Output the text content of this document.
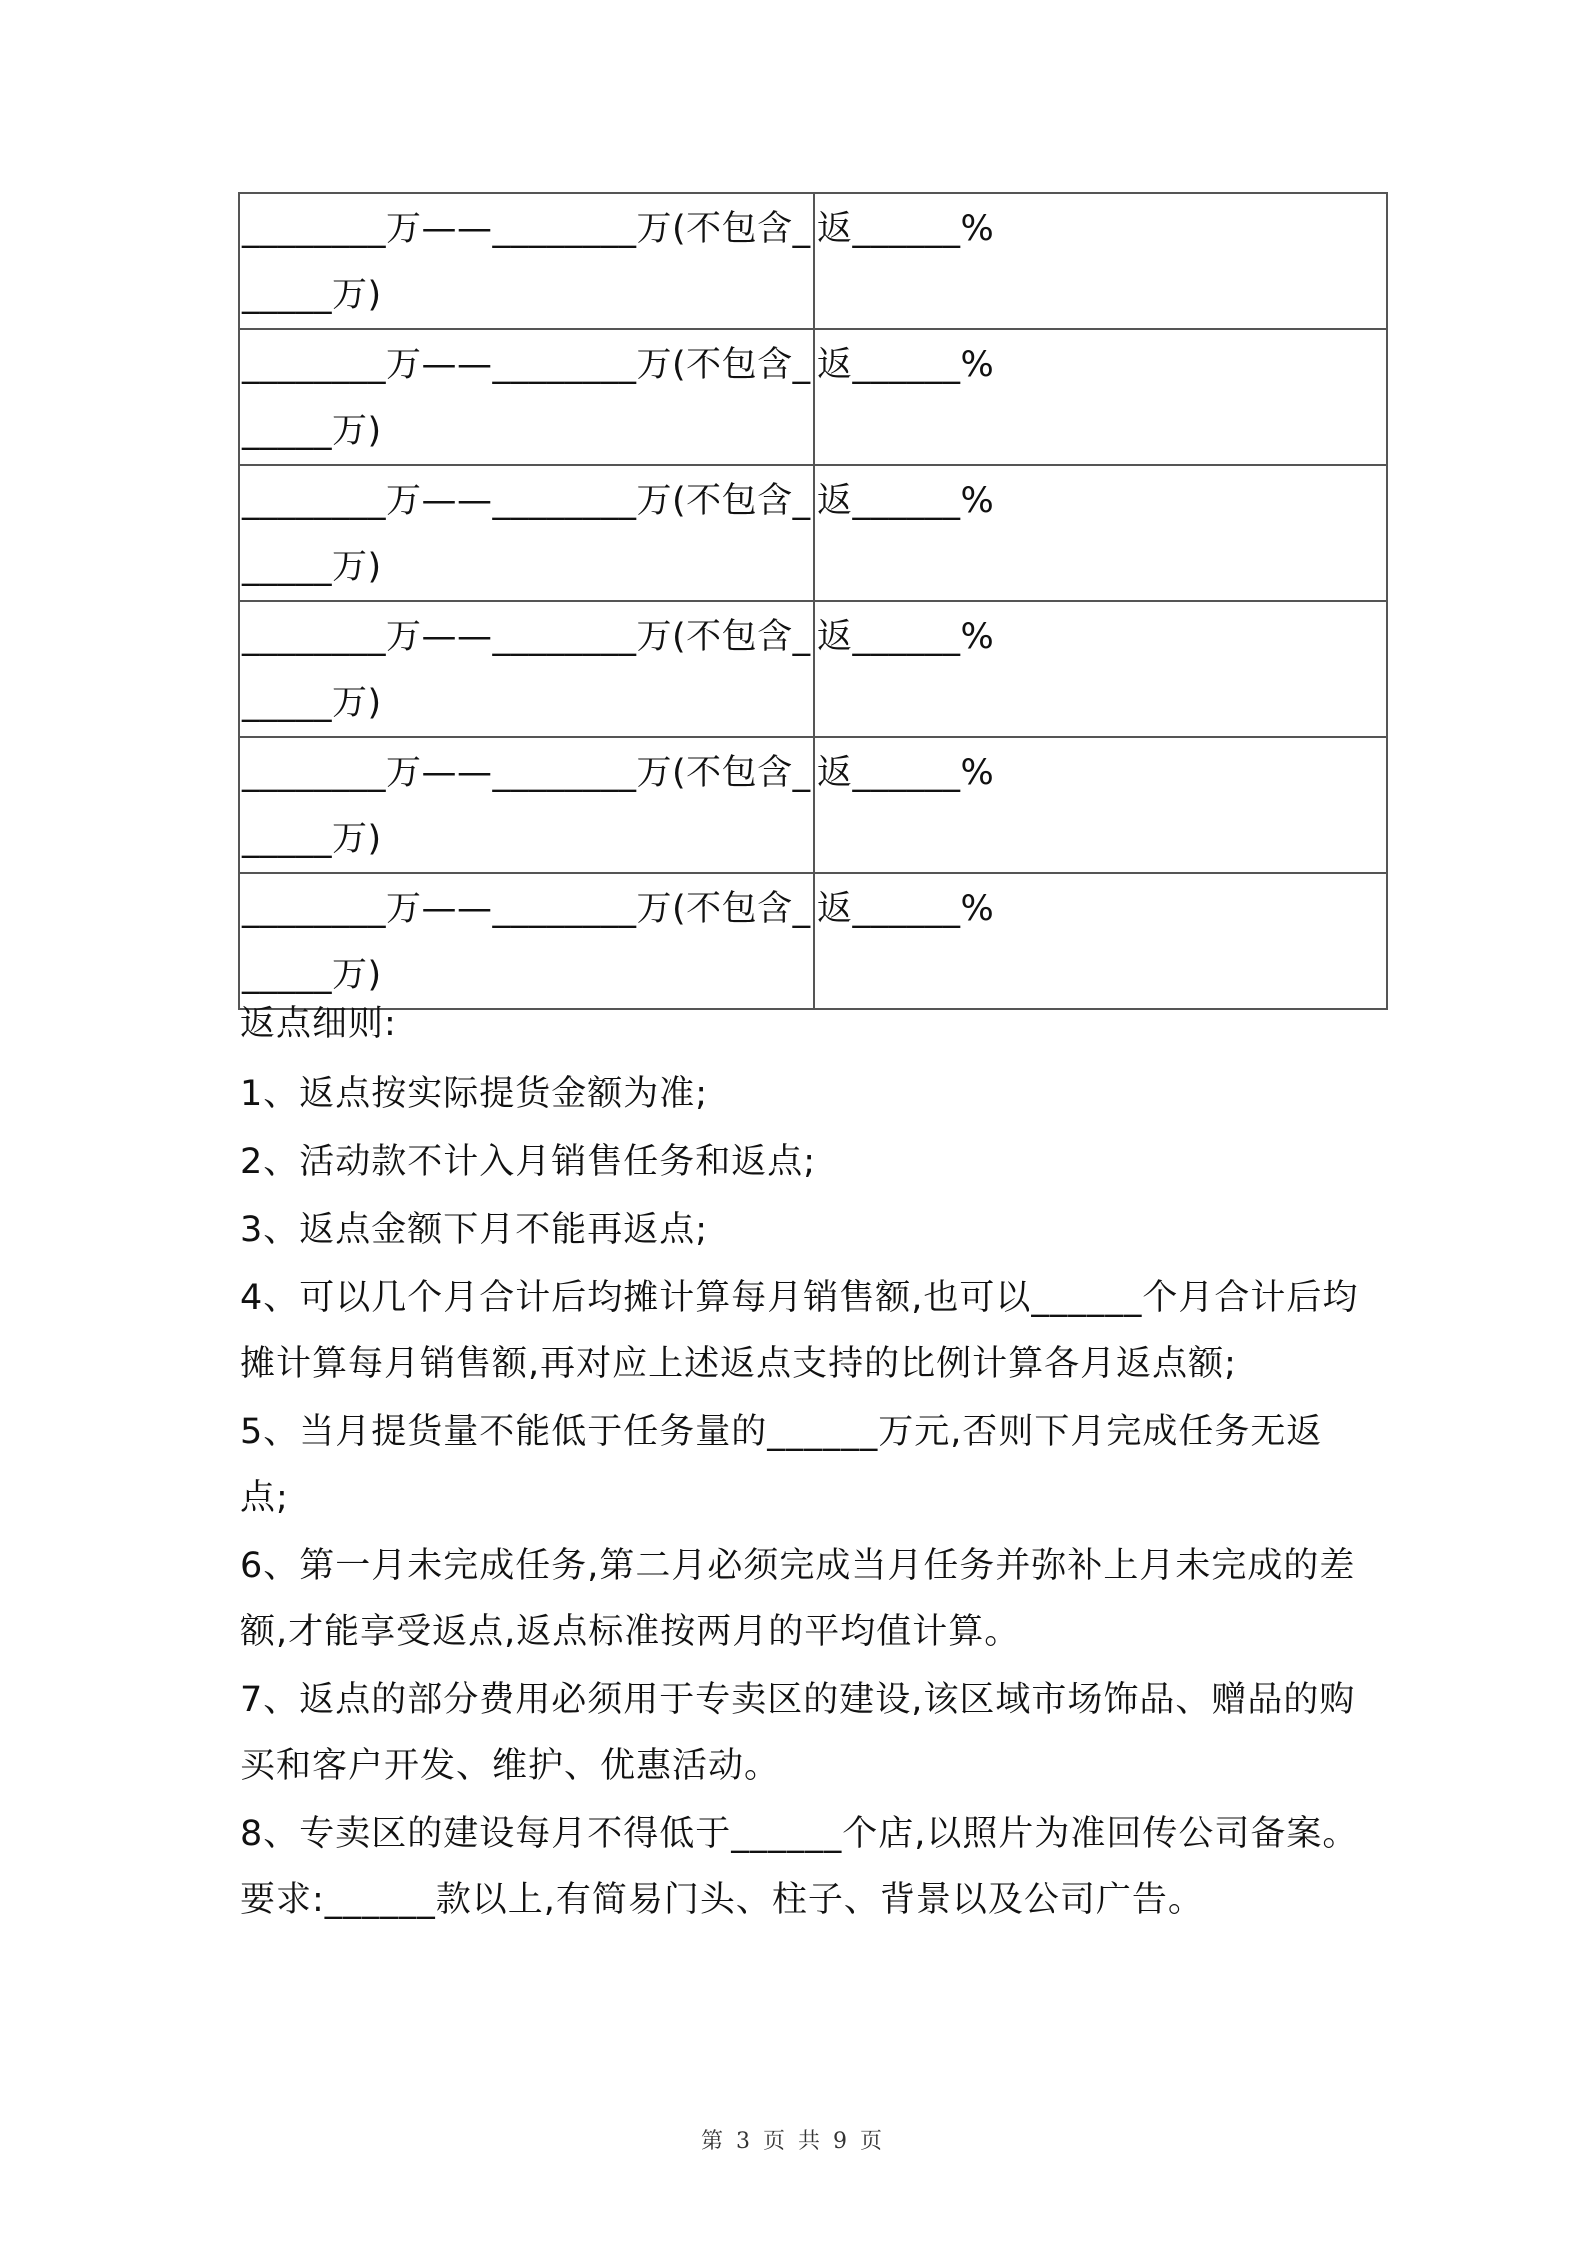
________万——________万(不包含______万)	返______%

________万——________万(不包含______万)	返______%

________万——________万(不包含______万)	返______%

________万——________万(不包含______万)	返______%

________万——________万(不包含______万)	返______%

________万——________万(不包含______万)	返______%
返点细则:
1、返点按实际提货金额为准;
2、活动款不计入月销售任务和返点;
3、返点金额下月不能再返点;
4、可以几个月合计后均摊计算每月销售额,也可以______个月合计后均摊计算每月销售额,再对应上述返点支持的比例计算各月返点额;
5、当月提货量不能低于任务量的______万元,否则下月完成任务无返点;
6、第一月未完成任务,第二月必须完成当月任务并弥补上月未完成的差额,才能享受返点,返点标准按两月的平均值计算。
7、返点的部分费用必须用于专卖区的建设,该区域市场饰品、赠品的购买和客户开发、维护、优惠活动。
8、专卖区的建设每月不得低于______个店,以照片为准回传公司备案。要求:______款以上,有简易门头、柱子、背景以及公司广告。
第 3 页 共 9 页
